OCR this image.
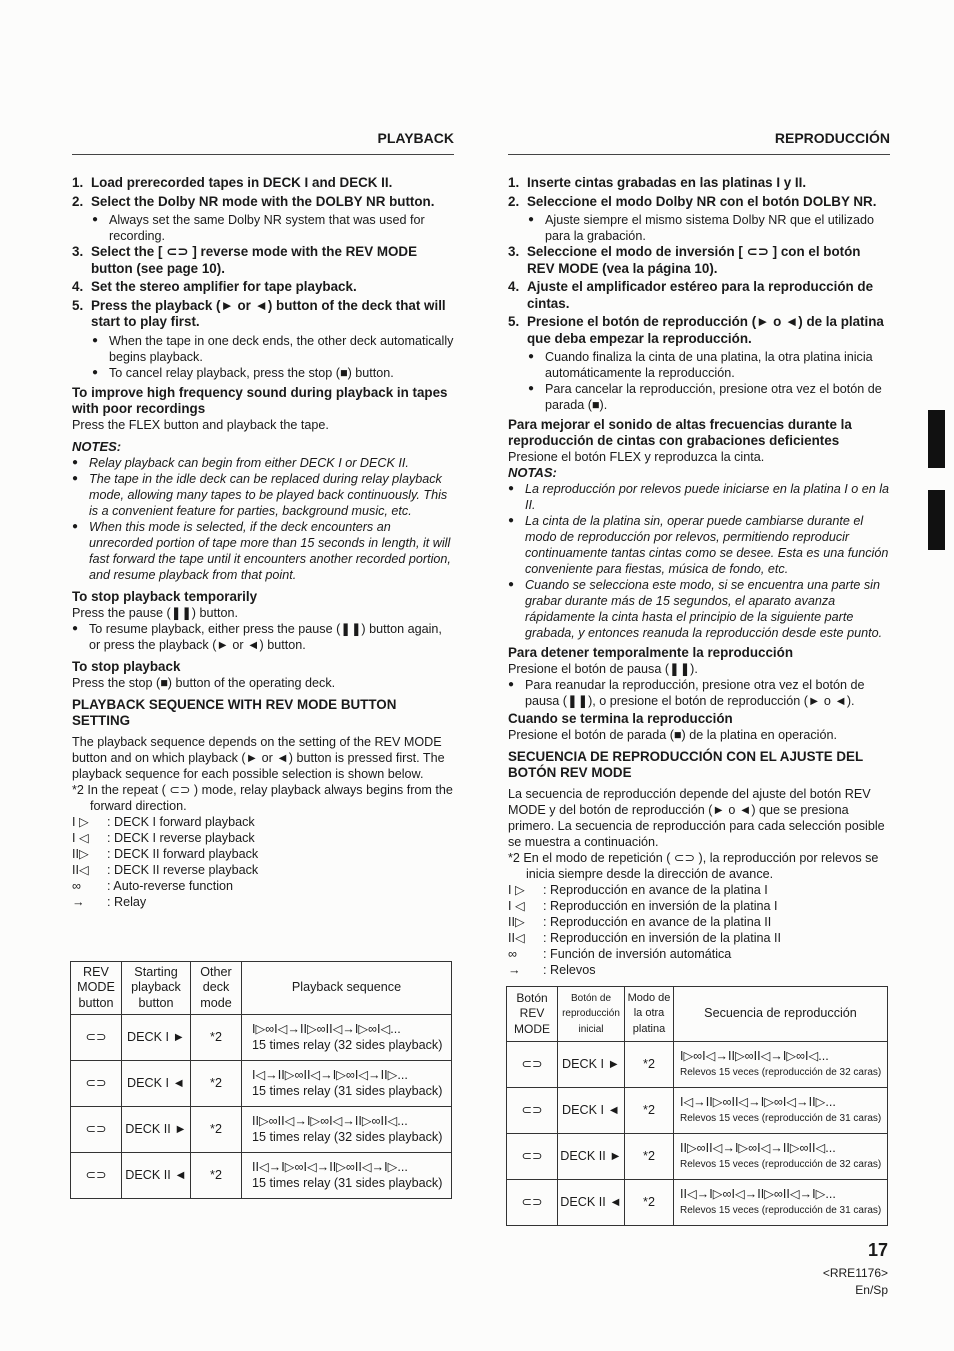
PLAYBACK
1. Load prerecorded tapes in DECK I and DECK II.
2. Select the Dolby NR mode with the DOLBY NR button.
● Always set the same Dolby NR system that was used for recording.
3. Select the [ ⊂⊃ ] reverse mode with the REV MODE button (see page 10).
4. Set the stereo amplifier for tape playback.
5. Press the playback (► or ◄) button of the deck that will start to play first.
● When the tape in one deck ends, the other deck automatically begins playback.
● To cancel relay playback, press the stop (■) button.
To improve high frequency sound during playback in tapes with poor recordings

Press the FLEX button and playback the tape.

NOTES:
● Relay playback can begin from either DECK I or DECK II.
● The tape in the idle deck can be replaced during relay playback mode, allowing many tapes to be played back continuously. This is a convenient feature for parties, background music, etc.
● When this mode is selected, if the deck encounters an unrecorded portion of tape more than 15 seconds in length, it will fast forward the tape until it encounters another recorded portion, and resume playback from that point.
To stop playback temporarily

Press the pause (❚❚) button.

● To resume playback, either press the pause (❚❚) button again, or press the playback (► or ◄) button.
To stop playback

Press the stop (■) button of the operating deck.

PLAYBACK SEQUENCE WITH REV MODE BUTTON SETTING

The playback sequence depends on the setting of the REV MODE button and on which playback (► or ◄) button is pressed first. The playback sequence for each possible selection is shown below.

*2 In the repeat ( ⊂⊃ ) mode, relay playback always begins from the forward direction.

I ▷	: DECK I forward playback
I ◁	: DECK I reverse playback
II▷	: DECK II forward playback
II◁	: DECK II reverse playback
∞	: Auto-reverse function
→	: Relay
REV MODE button	Starting playback button	Other deck mode	Playback sequence
⊂⊃	DECK I ►	*2	I▷∞I◁→II▷∞II◁→I▷∞I◁...
15 times relay (32 sides playback)

⊂⊃	DECK I ◄	*2	I◁→II▷∞II◁→I▷∞I◁→II▷...
15 times relay (31 sides playback)

⊂⊃	DECK II ►	*2	II▷∞II◁→I▷∞I◁→II▷∞II◁...
15 times relay (32 sides playback)

⊂⊃	DECK II ◄	*2	II◁→I▷∞I◁→II▷∞II◁→I▷...
15 times relay (31 sides playback)
REPRODUCCIÓN
1. Inserte cintas grabadas en las platinas I y II.
2. Seleccione el modo Dolby NR con el botón DOLBY NR.
● Ajuste siempre el mismo sistema Dolby NR que el utilizado para la grabación.
3. Seleccione el modo de inversión [ ⊂⊃ ] con el botón REV MODE (vea la página 10).
4. Ajuste el amplificador estéreo para la reproducción de cintas.
5. Presione el botón de reproducción (► o ◄) de la platina que deba empezar la reproducción.
● Cuando finaliza la cinta de una platina, la otra platina inicia automáticamente la reproducción.
● Para cancelar la reproducción, presione otra vez el botón de parada (■).
Para mejorar el sonido de altas frecuencias durante la reproducción de cintas con grabaciones deficientes

Presione el botón FLEX y reproduzca la cinta.

NOTAS:
● La reproducción por relevos puede iniciarse en la platina I o en la II.
● La cinta de la platina sin, operar puede cambiarse durante el modo de reproducción por relevos, permitiendo reproducir continuamente tantas cintas como se desee. Esta es una función conveniente para fiestas, música de fondo, etc.
● Cuando se selecciona este modo, si se encuentra una parte sin grabar durante más de 15 segundos, el aparato avanza rápidamente la cinta hasta el principio de la siguiente parte grabada, y entonces reanuda la reproducción desde este punto.
Para detener temporalmente la reproducción

Presione el botón de pausa (❚❚).

● Para reanudar la reproducción, presione otra vez el botón de pausa (❚❚), o presione el botón de reproducción (► o ◄).
Cuando se termina la reproducción

Presione el botón de parada (■) de la platina en operación.

SECUENCIA DE REPRODUCCIÓN CON EL AJUSTE DEL BOTÓN REV MODE

La secuencia de reproducción depende del ajuste del botón REV MODE y del botón de reproducción (► o ◄) que se presiona primero. La secuencia de reproducción para cada selección posible se muestra a continuación.

*2 En el modo de repetición ( ⊂⊃ ), la reproducción por relevos se inicia siempre desde la dirección de avance.

I ▷	: Reproducción en avance de la platina I
I ◁	: Reproducción en inversión de la platina I
II▷	: Reproducción en avance de la platina II
II◁	: Reproducción en inversión de la platina II
∞	: Función de inversión automática
→	: Relevos
Botón REV MODE	Botón de reproducción inicial	Modo de la otra platina	Secuencia de reproducción
⊂⊃	DECK I ►	*2	I▷∞I◁→II▷∞II◁→I▷∞I◁...
Relevos 15 veces (reproducción de 32 caras)

⊂⊃	DECK I ◄	*2	I◁→II▷∞II◁→I▷∞I◁→II▷...
Relevos 15 veces (reproducción de 31 caras)

⊂⊃	DECK II ►	*2	II▷∞II◁→I▷∞I◁→II▷∞II◁...
Relevos 15 veces (reproducción de 32 caras)

⊂⊃	DECK II ◄	*2	II◁→I▷∞I◁→II▷∞II◁→I▷...
Relevos 15 veces (reproducción de 31 caras)
17
<RRE1176>
En/Sp
